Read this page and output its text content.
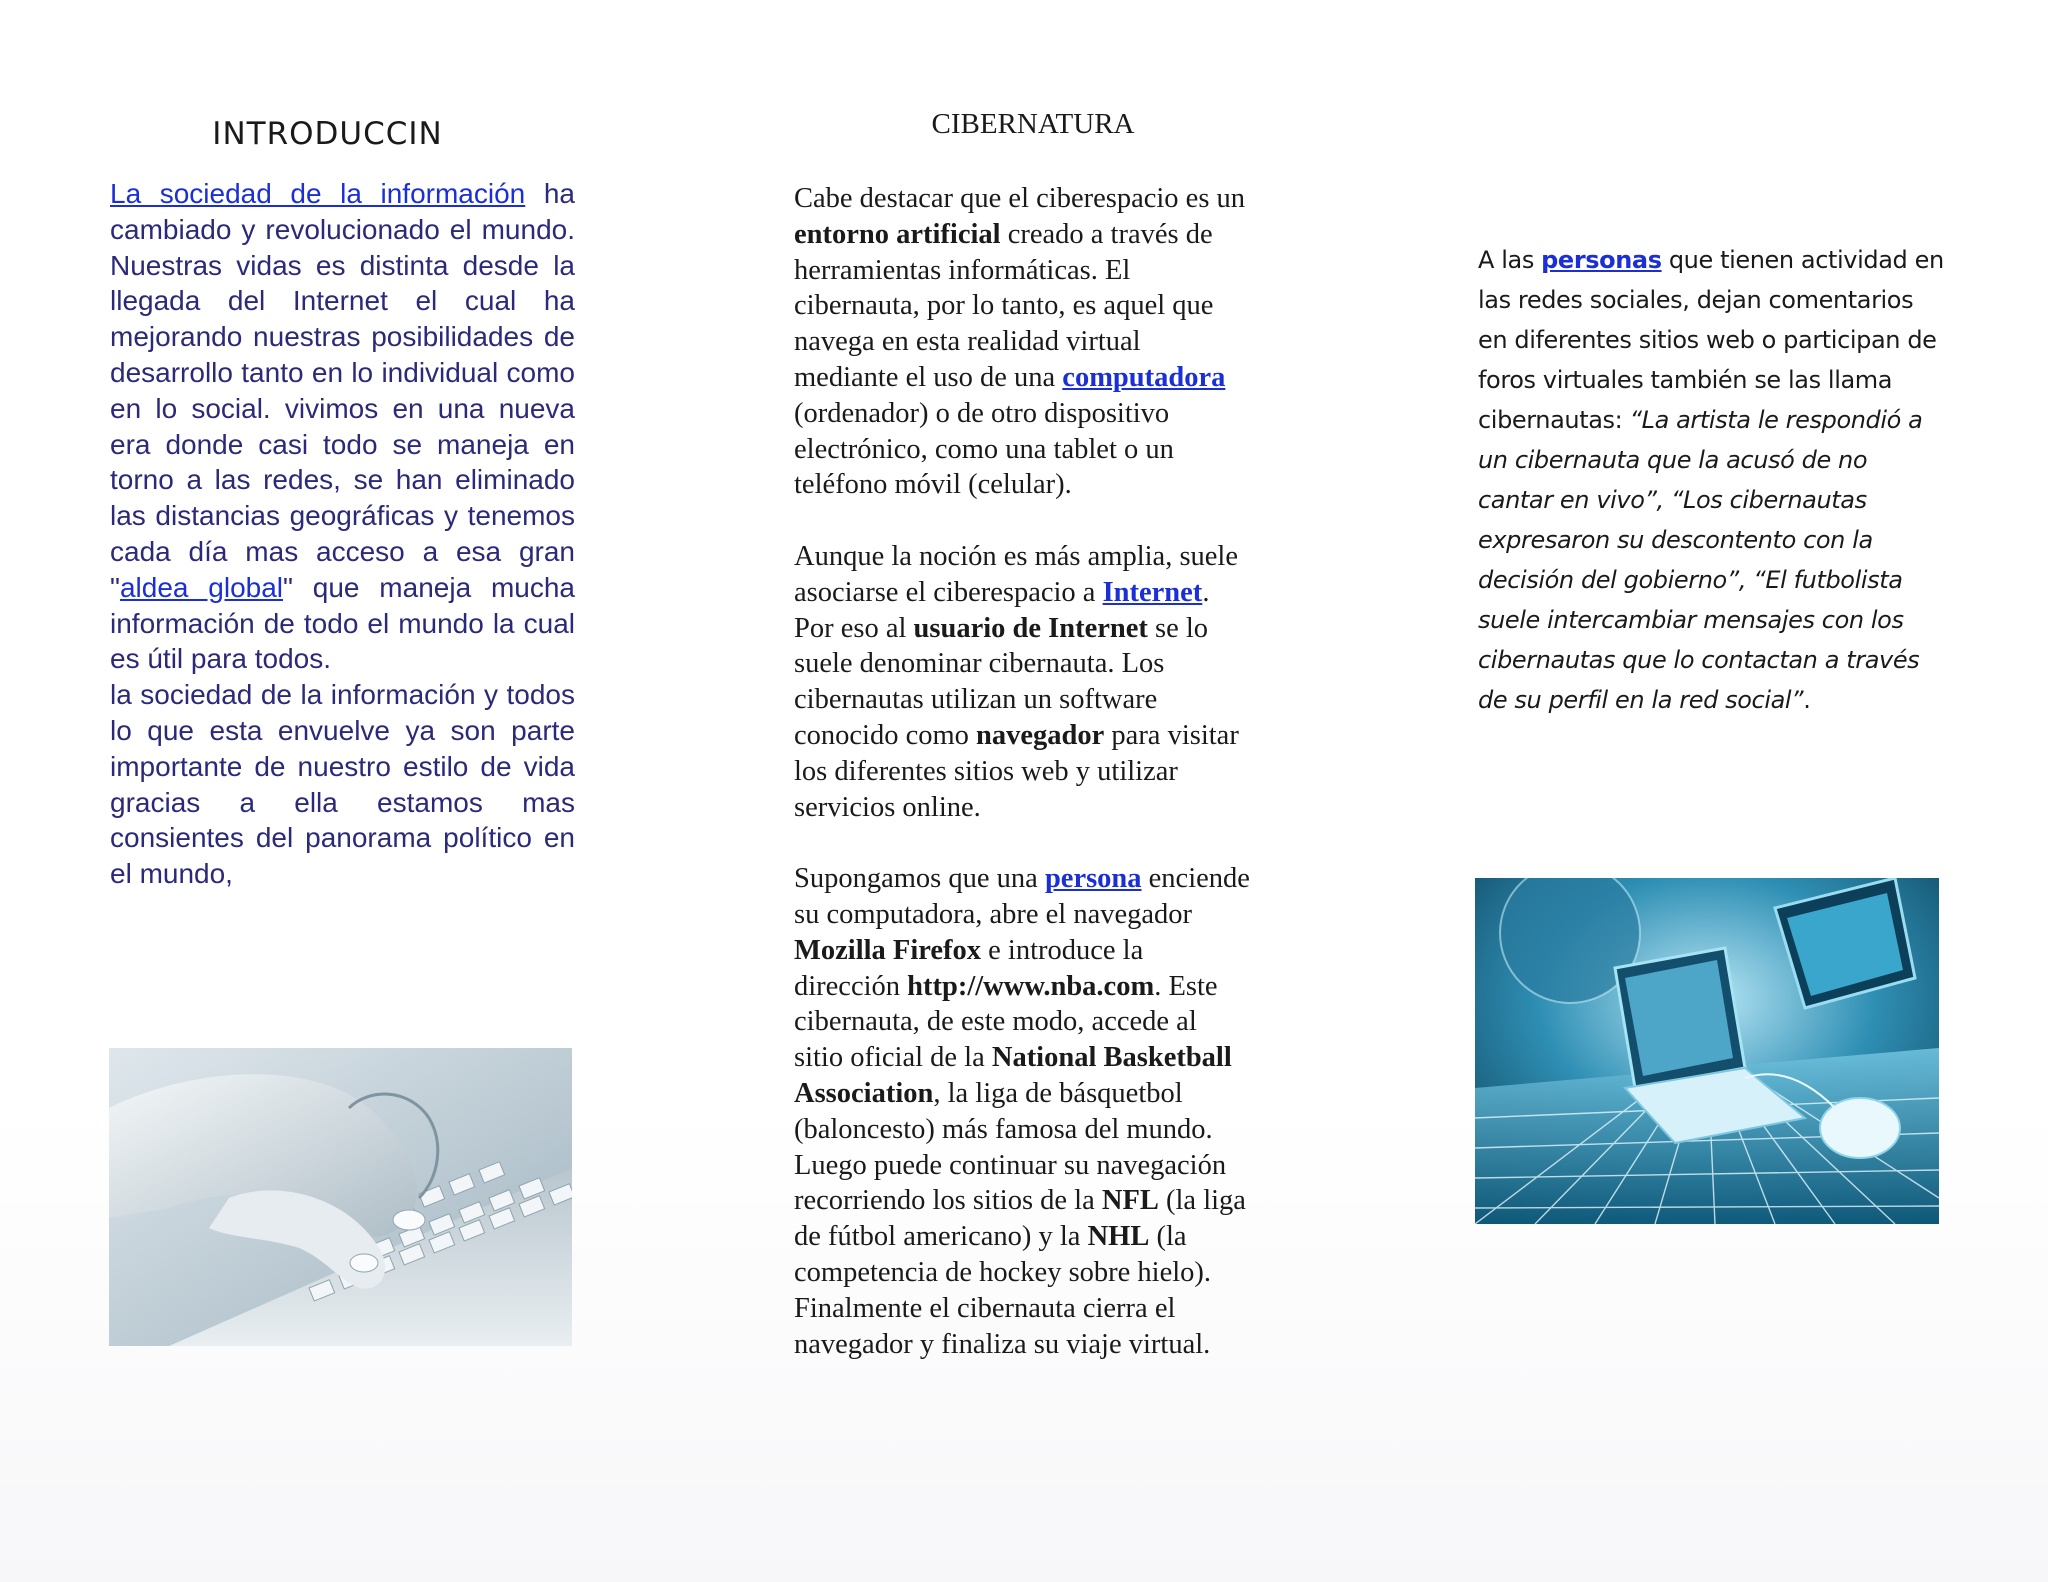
INTRODUCCIN

La sociedad de la información ha cambiado y revolucionado el mundo. Nuestras vidas es distinta desde la llegada del Internet el cual ha mejorando nuestras posibilidades de desarrollo tanto en lo individual como en lo social. vivimos en una nueva era donde casi todo se maneja en torno a las redes, se han eliminado las distancias geográficas y tenemos cada día mas acceso a esa gran "aldea global" que maneja mucha información de todo el mundo la cual es útil para todos.

la sociedad de la información y todos lo que esta envuelve ya son parte importante de nuestro estilo de vida gracias a ella estamos mas consientes del panorama político en el mundo,

CIBERNATURA

Cabe destacar que el ciberespacio es un entorno artificial creado a través de herramientas informáticas. El cibernauta, por lo tanto, es aquel que navega en esta realidad virtual mediante el uso de una computadora (ordenador) o de otro dispositivo electrónico, como una tablet o un teléfono móvil (celular).

Aunque la noción es más amplia, suele asociarse el ciberespacio a Internet. Por eso al usuario de Internet se lo suele denominar cibernauta. Los cibernautas utilizan un software conocido como navegador para visitar los diferentes sitios web y utilizar servicios online.

Supongamos que una persona enciende su computadora, abre el navegador Mozilla Firefox e introduce la dirección http://www.nba.com. Este cibernauta, de este modo, accede al sitio oficial de la National Basketball Association, la liga de básquetbol (baloncesto) más famosa del mundo. Luego puede continuar su navegación recorriendo los sitios de la NFL (la liga de fútbol americano) y la NHL (la competencia de hockey sobre hielo). Finalmente el cibernauta cierra el navegador y finaliza su viaje virtual.

A las personas que tienen actividad en las redes sociales, dejan comentarios en diferentes sitios web o participan de foros virtuales también se las llama cibernautas: “La artista le respondió a un cibernauta que la acusó de no cantar en vivo”, “Los cibernautas expresaron su descontento con la decisión del gobierno”, “El futbolista suele intercambiar mensajes con los cibernautas que lo contactan a través de su perfil en la red social”.
